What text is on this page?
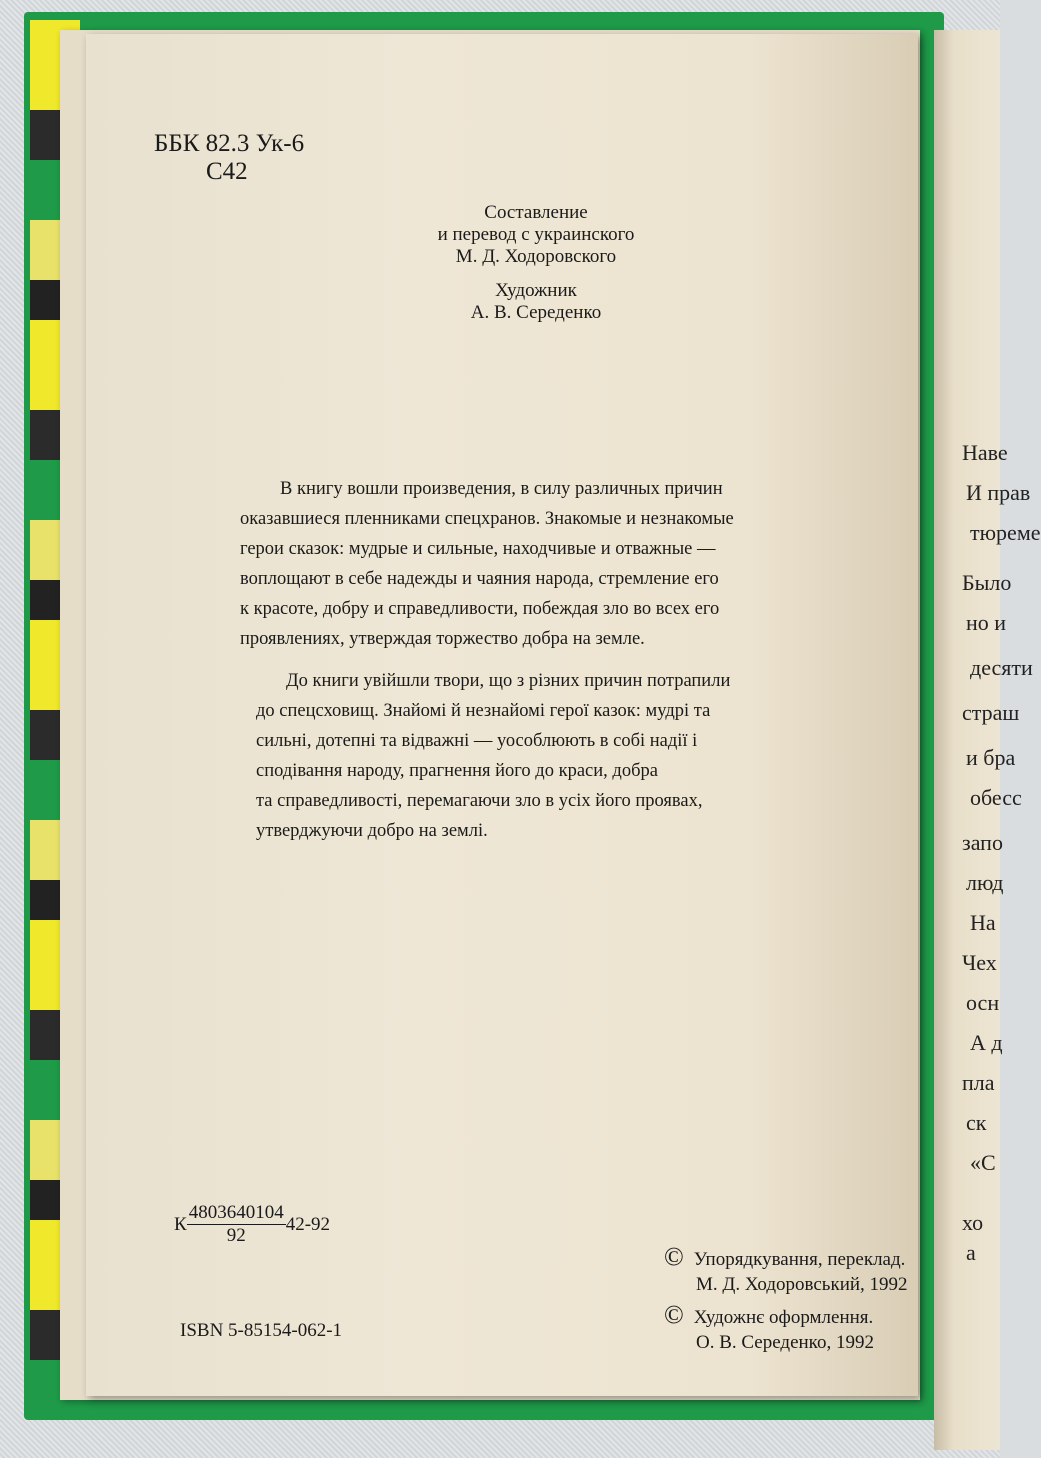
Наве
И прав
тюреме
Было
но и
десяти
страш
и бра
обесс
запо
люд
На
Чех
осн
А д
пла
ск
«С
хо
а
ББК 82.3 Ук-6
С42
Составление
и перевод с украинского
М. Д. Ходоровского
Художник
А. В. Середенко
В книгу вошли произведения, в силу различных причин
оказавшиеся пленниками спецхранов. Знакомые и незнакомые
герои сказок: мудрые и сильные, находчивые и отважные —
воплощают в себе надежды и чаяния народа, стремление его
к красоте, добру и справедливости, побеждая зло во всех его
проявлениях, утверждая торжество добра на земле.
До книги увійшли твори, що з різних причин потрапили
до спецсховищ. Знайомі й незнайомі герої казок: мудрі та
сильні, дотепні та відважні — уособлюють в собі надії і
сподівання народу, прагнення його до краси, добра
та справедливості, перемагаючи зло в усіх його проявах,
утверджуючи добро на землі.
$К\frac{4803640104}{92}42-92$
ISBN 5-85154-062-1
© Упорядкування, переклад.
М. Д. Ходоровський, 1992
© Художнє оформлення.
О. В. Середенко, 1992
